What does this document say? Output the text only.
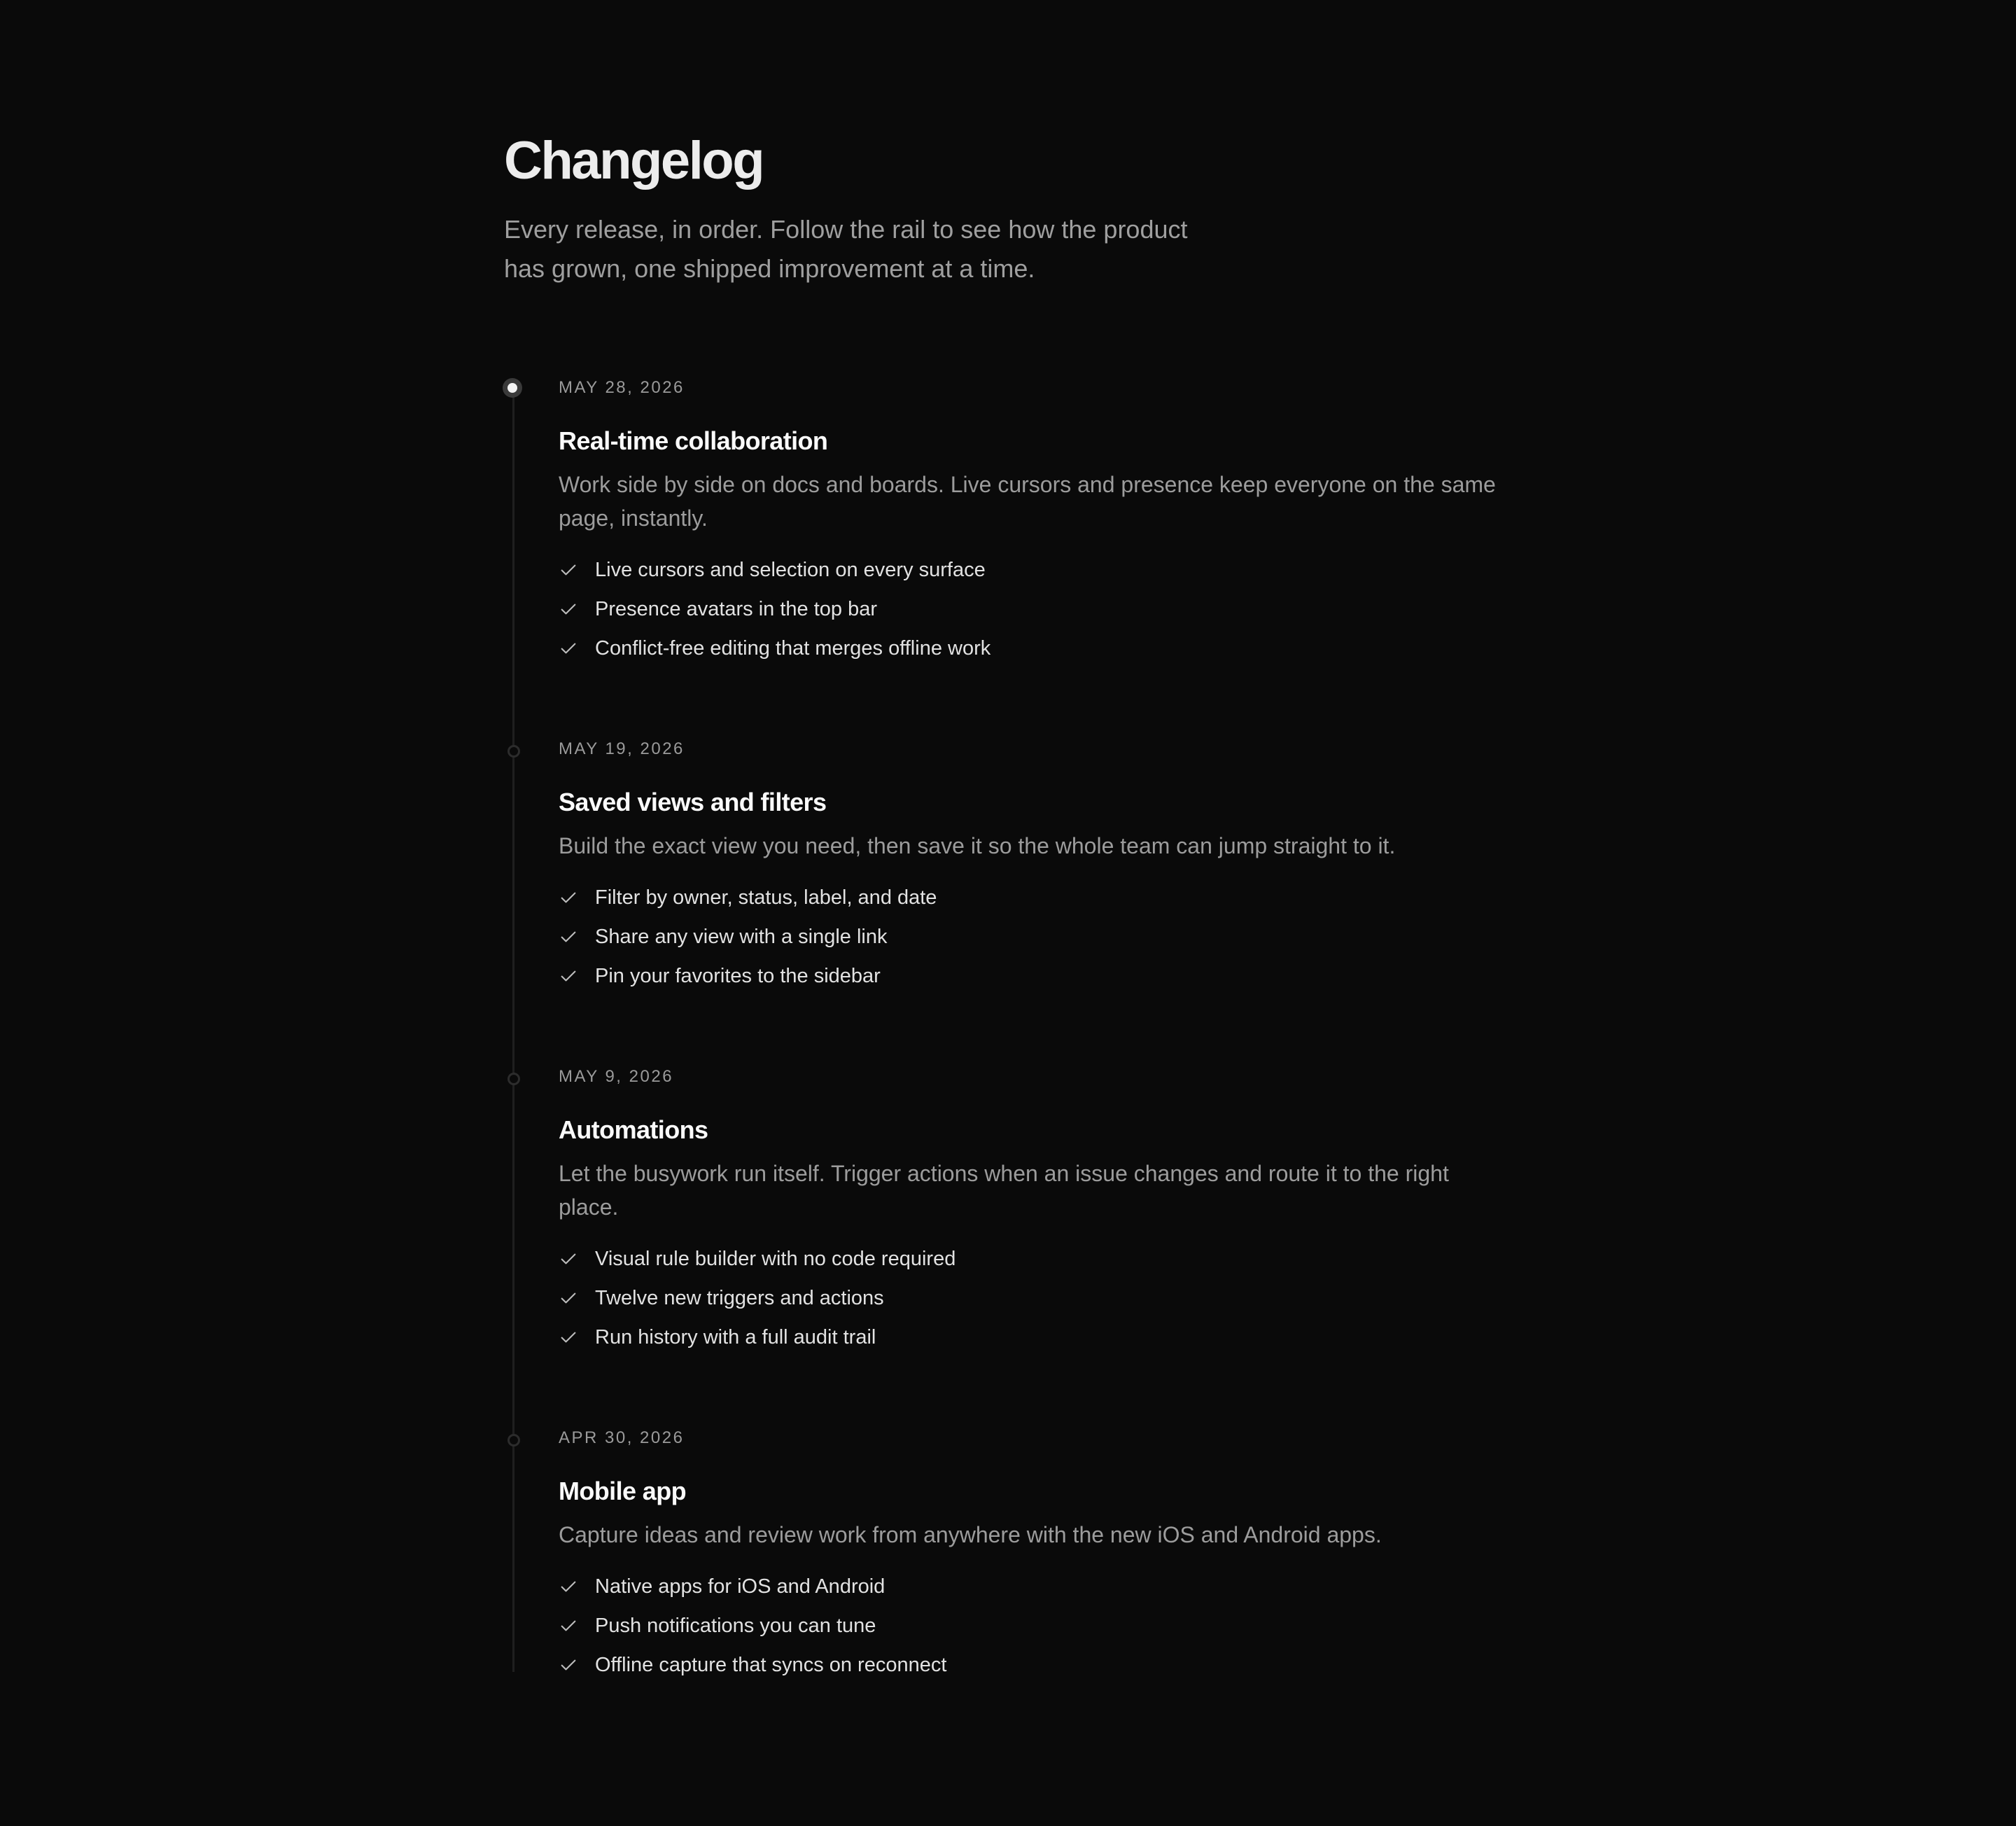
Changelog

Every release, in order. Follow the rail to see how the product has grown, one shipped improvement at a time.

MAY 28, 2026
Real-time collaboration

Work side by side on docs and boards. Live cursors and presence keep everyone on the same page, instantly.

Live cursors and selection on every surface
Presence avatars in the top bar
Conflict-free editing that merges offline work
MAY 19, 2026
Saved views and filters

Build the exact view you need, then save it so the whole team can jump straight to it.

Filter by owner, status, label, and date
Share any view with a single link
Pin your favorites to the sidebar
MAY 9, 2026
Automations

Let the busywork run itself. Trigger actions when an issue changes and route it to the right place.

Visual rule builder with no code required
Twelve new triggers and actions
Run history with a full audit trail
APR 30, 2026
Mobile app

Capture ideas and review work from anywhere with the new iOS and Android apps.

Native apps for iOS and Android
Push notifications you can tune
Offline capture that syncs on reconnect
